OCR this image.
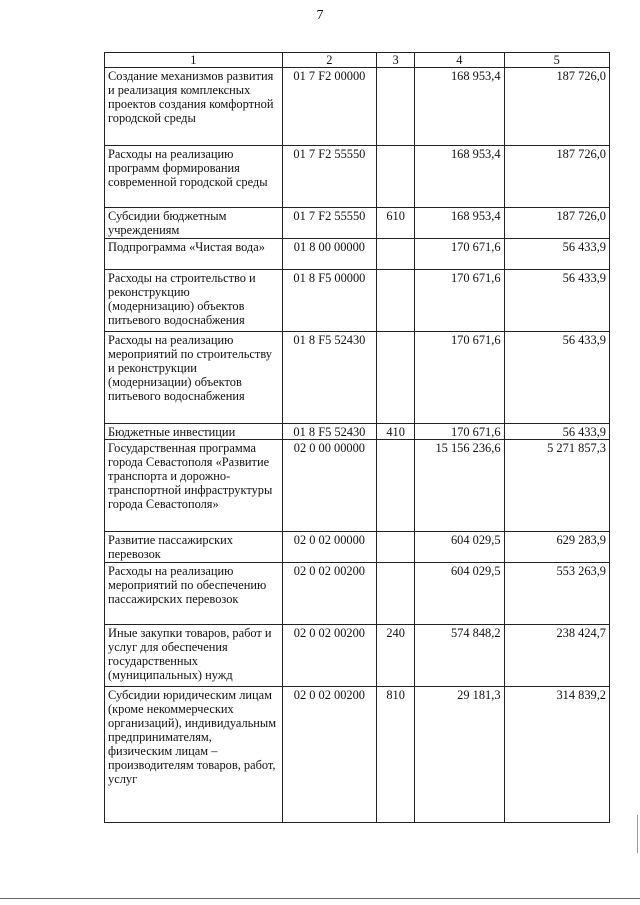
7
1	2	3	4	5
Создание механизмов развития и реализация комплексных проектов создания комфортной городской среды	01 7 F2 00000		168 953,4	187 726,0
Расходы на реализацию программ формирования современной городской среды	01 7 F2 55550		168 953,4	187 726,0
Субсидии бюджетным учреждениям	01 7 F2 55550	610	168 953,4	187 726,0
Подпрограмма «Чистая вода»	01 8 00 00000		170 671,6	56 433,9
Расходы на строительство и реконструкцию (модернизацию) объектов питьевого водоснабжения	01 8 F5 00000		170 671,6	56 433,9
Расходы на реализацию мероприятий по строительству и реконструкции (модернизации) объектов питьевого водоснабжения	01 8 F5 52430		170 671,6	56 433,9
Бюджетные инвестиции	01 8 F5 52430	410	170 671,6	56 433,9
Государственная программа города Севастополя «Развитие транспорта и дорожно-транспортной инфраструктуры города Севастополя»	02 0 00 00000		15 156 236,6	5 271 857,3
Развитие пассажирских перевозок	02 0 02 00000		604 029,5	629 283,9
Расходы на реализацию мероприятий по обеспечению пассажирских перевозок	02 0 02 00200		604 029,5	553 263,9
Иные закупки товаров, работ и услуг для обеспечения государственных (муниципальных) нужд	02 0 02 00200	240	574 848,2	238 424,7
Субсидии юридическим лицам (кроме некоммерческих организаций), индивидуальным предпринимателям, физическим лицам – производителям товаров, работ, услуг	02 0 02 00200	810	29 181,3	314 839,2
